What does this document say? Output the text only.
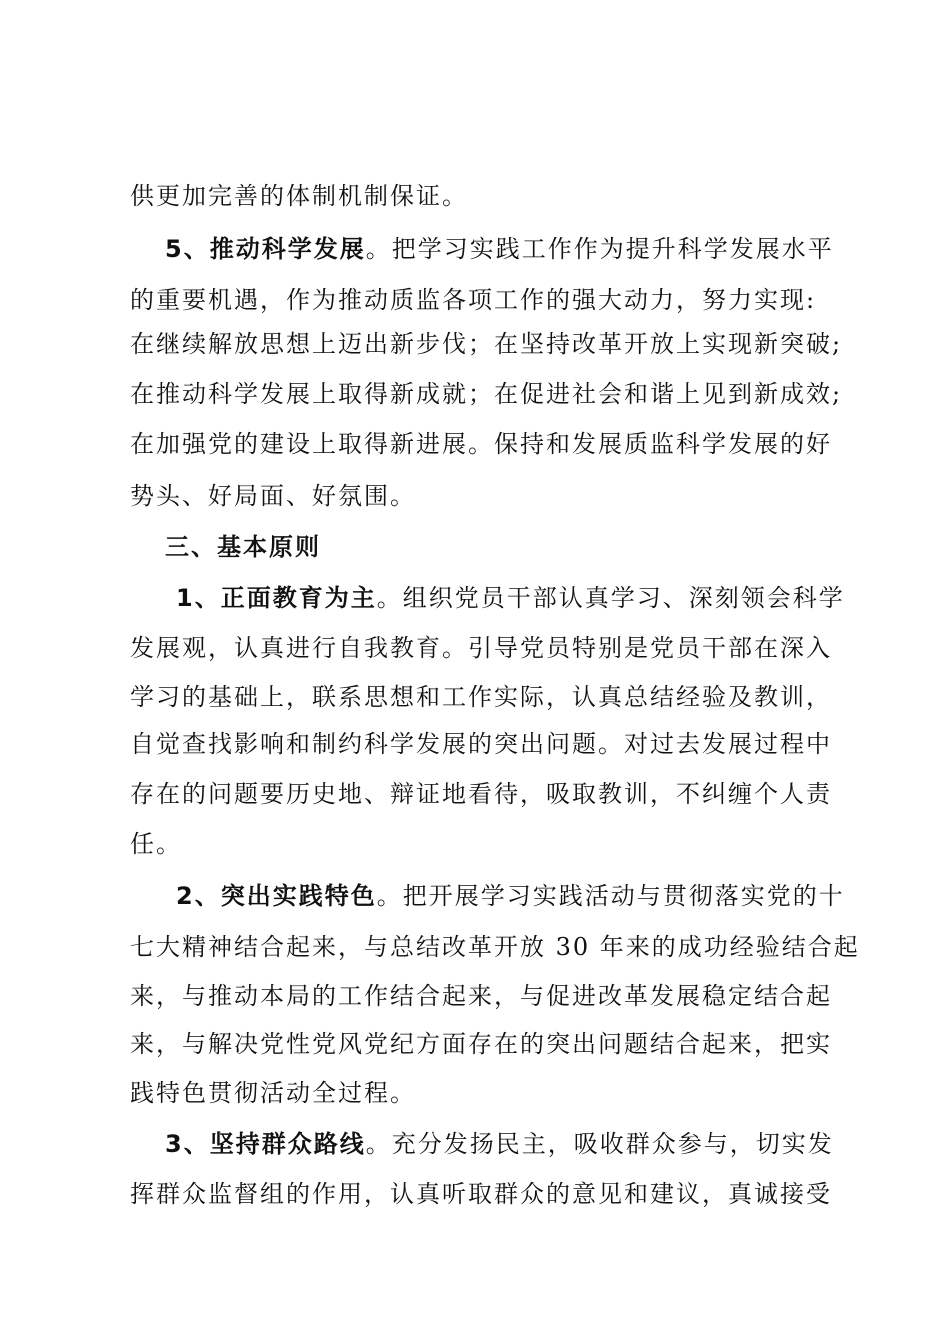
供更加完善的体制机制保证。
5、推动科学发展。把学习实践工作作为提升科学发展水平
的重要机遇，作为推动质监各项工作的强大动力，努力实现:
在继续解放思想上迈出新步伐；在坚持改革开放上实现新突破;
在推动科学发展上取得新成就；在促进社会和谐上见到新成效;
在加强党的建设上取得新进展。保持和发展质监科学发展的好
势头、好局面、好氛围。
三、基本原则
1、正面教育为主。组织党员干部认真学习、深刻领会科学
发展观，认真进行自我教育。引导党员特别是党员干部在深入
学习的基础上，联系思想和工作实际，认真总结经验及教训，
自觉查找影响和制约科学发展的突出问题。对过去发展过程中
存在的问题要历史地、辩证地看待，吸取教训，不纠缠个人责
任。
2、突出实践特色。把开展学习实践活动与贯彻落实党的十
七大精神结合起来，与总结改革开放 30 年来的成功经验结合起
来，与推动本局的工作结合起来，与促进改革发展稳定结合起
来，与解决党性党风党纪方面存在的突出问题结合起来，把实
践特色贯彻活动全过程。
3、坚持群众路线。充分发扬民主，吸收群众参与，切实发
挥群众监督组的作用，认真听取群众的意见和建议，真诚接受
